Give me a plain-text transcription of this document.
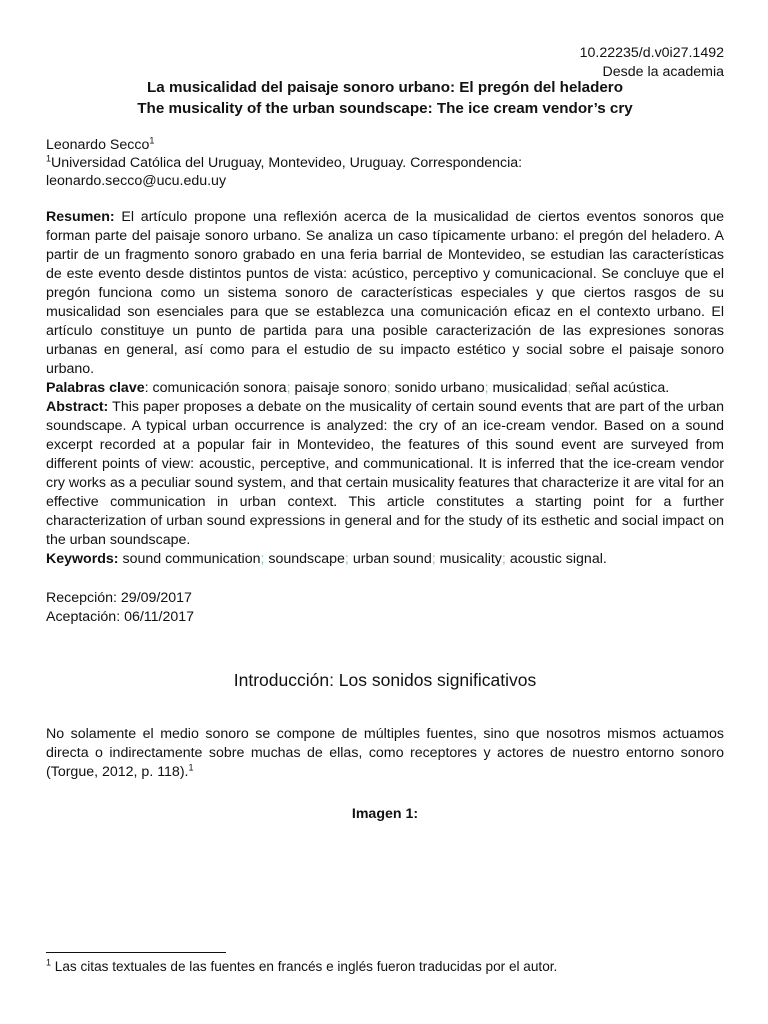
10.22235/d.v0i27.1492

Desde la academia

La musicalidad del paisaje sonoro urbano: El pregón del heladero
The musicality of the urban soundscape: The ice cream vendor’s cry
Leonardo Secco$^1$
$^1$Universidad Católica del Uruguay, Montevideo, Uruguay. Correspondencia:
leonardo.secco@ucu.edu.uy

Resumen: El artículo propone una reflexión acerca de la musicalidad de ciertos eventos sonoros que forman parte del paisaje sonoro urbano. Se analiza un caso típicamente urbano: el pregón del heladero. A partir de un fragmento sonoro grabado en una feria barrial de Montevideo, se estudian las características de este evento desde distintos puntos de vista: acústico, perceptivo y comunicacional. Se concluye que el pregón funciona como un sistema sonoro de características especiales y que ciertos rasgos de su musicalidad son esenciales para que se establezca una comunicación eficaz en el contexto urbano. El artículo constituye un punto de partida para una posible caracterización de las expresiones sonoras urbanas en general, así como para el estudio de su impacto estético y social sobre el paisaje sonoro urbano.

Palabras clave: comunicación sonora; paisaje sonoro; sonido urbano; musicalidad; señal acústica.

Abstract: This paper proposes a debate on the musicality of certain sound events that are part of the urban soundscape. A typical urban occurrence is analyzed: the cry of an ice-cream vendor. Based on a sound excerpt recorded at a popular fair in Montevideo, the features of this sound event are surveyed from different points of view: acoustic, perceptive, and communicational. It is inferred that the ice-cream vendor cry works as a peculiar sound system, and that certain musicality features that characterize it are vital for an effective communication in urban context. This article constitutes a starting point for a further characterization of urban sound expressions in general and for the study of its esthetic and social impact on the urban soundscape.

Keywords: sound communication; soundscape; urban sound; musicality; acoustic signal.

Recepción: 29/09/2017
Aceptación: 06/11/2017
Introducción: Los sonidos significativos

No solamente el medio sonoro se compone de múltiples fuentes, sino que nosotros mismos actuamos directa o indirectamente sobre muchas de ellas, como receptores y actores de nuestro entorno sonoro (Torgue, 2012, p. 118).$^1$

Imagen 1:
$^1$ Las citas textuales de las fuentes en francés e inglés fueron traducidas por el autor.
